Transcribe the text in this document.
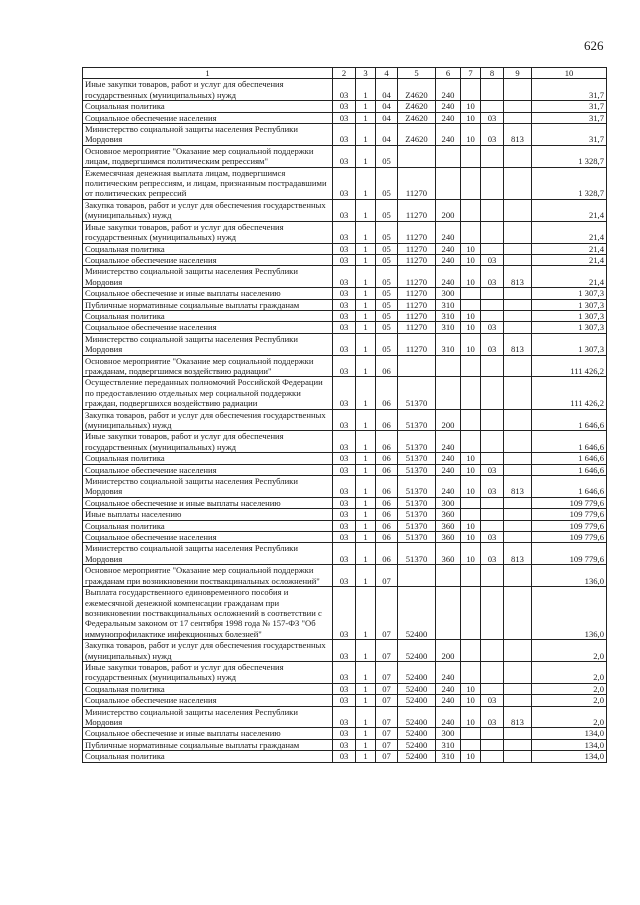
626
1	2	3	4	5	6	7	8	9	10
Иные закупки товаров, работ и услуг для обеспечения государственных (муниципальных) нужд	03	1	04	Z4620	240				31,7
Социальная политика	03	1	04	Z4620	240	10			31,7
Социальное обеспечение населения	03	1	04	Z4620	240	10	03		31,7
Министерство социальной защиты населения Республики Мордовия	03	1	04	Z4620	240	10	03	813	31,7
Основное мероприятие "Оказание мер социальной поддержки лицам, подвергшимся политическим репрессиям"	03	1	05						1 328,7
Ежемесячная денежная выплата лицам, подвергшимся политическим репрессиям, и лицам, признанным пострадавшими от политических репрессий	03	1	05	11270					1 328,7
Закупка товаров, работ и услуг для обеспечения государственных (муниципальных) нужд	03	1	05	11270	200				21,4
Иные закупки товаров, работ и услуг для обеспечения государственных (муниципальных) нужд	03	1	05	11270	240				21,4
Социальная политика	03	1	05	11270	240	10			21,4
Социальное обеспечение населения	03	1	05	11270	240	10	03		21,4
Министерство социальной защиты населения Республики Мордовия	03	1	05	11270	240	10	03	813	21,4
Социальное обеспечение и иные выплаты населению	03	1	05	11270	300				1 307,3
Публичные нормативные социальные выплаты гражданам	03	1	05	11270	310				1 307,3
Социальная политика	03	1	05	11270	310	10			1 307,3
Социальное обеспечение населения	03	1	05	11270	310	10	03		1 307,3
Министерство социальной защиты населения Республики Мордовия	03	1	05	11270	310	10	03	813	1 307,3
Основное мероприятие "Оказание мер социальной поддержки гражданам, подвергшимся воздействию радиации"	03	1	06						111 426,2
Осуществление переданных полномочий Российской Федерации по предоставлению отдельных мер социальной поддержки граждан, подвергшихся воздействию радиации	03	1	06	51370					111 426,2
Закупка товаров, работ и услуг для обеспечения государственных (муниципальных) нужд	03	1	06	51370	200				1 646,6
Иные закупки товаров, работ и услуг для обеспечения государственных (муниципальных) нужд	03	1	06	51370	240				1 646,6
Социальная политика	03	1	06	51370	240	10			1 646,6
Социальное обеспечение населения	03	1	06	51370	240	10	03		1 646,6
Министерство социальной защиты населения Республики Мордовия	03	1	06	51370	240	10	03	813	1 646,6
Социальное обеспечение и иные выплаты населению	03	1	06	51370	300				109 779,6
Иные выплаты населению	03	1	06	51370	360				109 779,6
Социальная политика	03	1	06	51370	360	10			109 779,6
Социальное обеспечение населения	03	1	06	51370	360	10	03		109 779,6
Министерство социальной защиты населения Республики Мордовия	03	1	06	51370	360	10	03	813	109 779,6
Основное мероприятие "Оказание мер социальной поддержки гражданам при возникновении поствакцинальных осложнений"	03	1	07						136,0
Выплата государственного единовременного пособия и ежемесячной денежной компенсации гражданам при возникновении поствакцинальных осложнений в соответствии с Федеральным законом от 17 сентября 1998 года № 157-ФЗ "Об иммунопрофилактике инфекционных болезней"	03	1	07	52400					136,0
Закупка товаров, работ и услуг для обеспечения государственных (муниципальных) нужд	03	1	07	52400	200				2,0
Иные закупки товаров, работ и услуг для обеспечения государственных (муниципальных) нужд	03	1	07	52400	240				2,0
Социальная политика	03	1	07	52400	240	10			2,0
Социальное обеспечение населения	03	1	07	52400	240	10	03		2,0
Министерство социальной защиты населения Республики Мордовия	03	1	07	52400	240	10	03	813	2,0
Социальное обеспечение и иные выплаты населению	03	1	07	52400	300				134,0
Публичные нормативные социальные выплаты гражданам	03	1	07	52400	310				134,0
Социальная политика	03	1	07	52400	310	10			134,0
